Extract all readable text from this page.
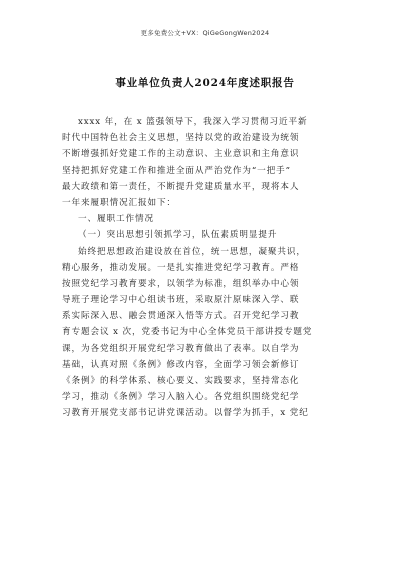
更多免费公文+VX：QiGeGongWen2024
事业单位负责人2024年度述职报告
xxxx 年，在 x 篮强领导下，我深入学习贯彻习近平新
时代中国特色社会主义思想，坚持以党的政治建设为统领
不断增强抓好党建工作的主动意识、主业意识和主角意识
坚持把抓好党建工作和推进全面从严治党作为“一把手”
最大政绩和第一责任，不断提升党建质量水平，现将本人
一年来履职情况汇报如下：
一、履职工作情况
（一）突出思想引领抓学习，队伍素质明显提升
始终把思想政治建设放在首位，统一思想，凝聚共识，
精心服务，推动发展。一是扎实推进党纪学习教育。严格
按照党纪学习教育要求，以领学为标准，组织举办中心领
导班子理论学习中心组读书班，采取原汁原味深入学、联
系实际深入思、融会贯通深入悟等方式。召开党纪学习教
育专题会议 x 次，党委书记为中心全体党员干部讲授专题党
课，为各党组织开展党纪学习教育做出了表率。以自学为
基础，认真对照《条例》修改内容，全面学习领会新修订
《条例》的科学体系、核心要义、实践要求，坚持常态化
学习，推动《条例》学习入脑入心。各党组织围绕党纪学
习教育开展党支部书记讲党课活动。以督学为抓手，x 党纪
